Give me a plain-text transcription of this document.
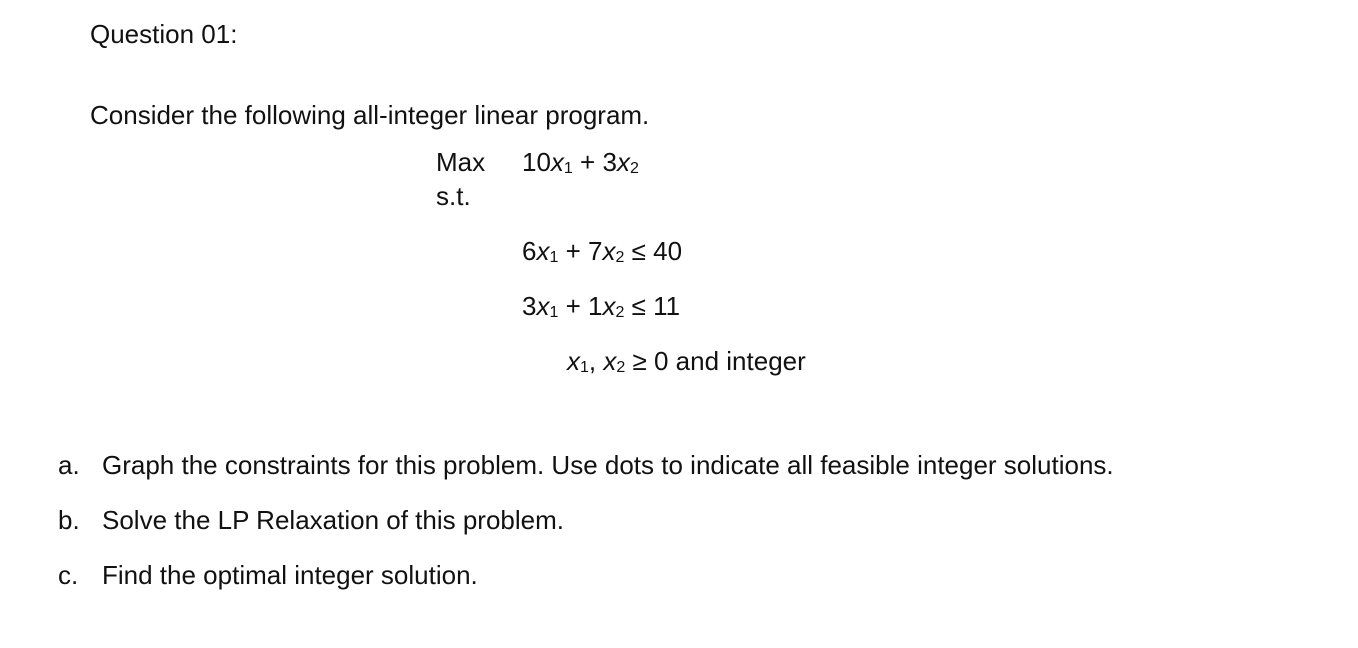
Question 01:
Consider the following all-integer linear program.
Max $10x_1 + 3x_2$
s.t.
$6x_1 + 7x_2 \le 40$
$3x_1 + 1x_2 \le 11$
$x_1$, $x_2 \ge 0$ and integer
a. Graph the constraints for this problem. Use dots to indicate all feasible integer solutions.
b. Solve the LP Relaxation of this problem.
c. Find the optimal integer solution.
